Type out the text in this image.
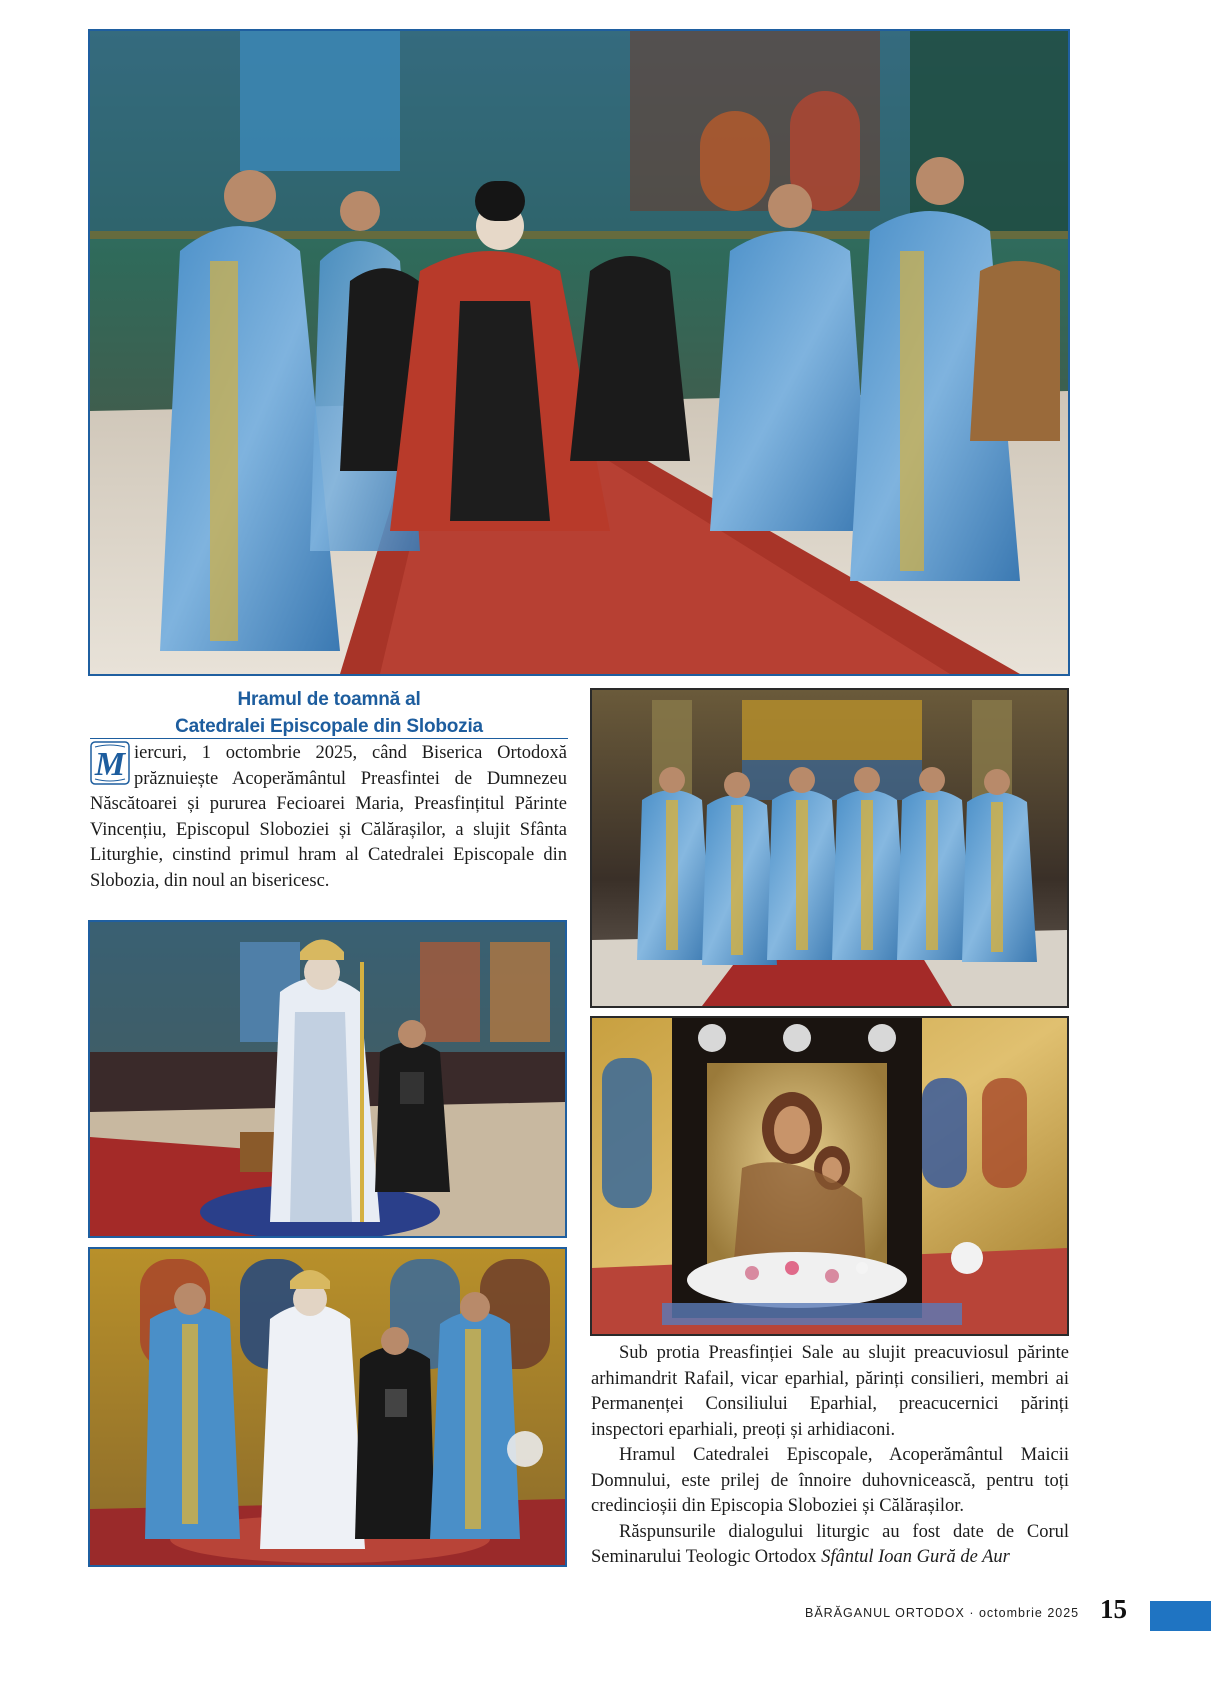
Hramul de toamnă al
Catedralei Episcopale din Slobozia
M iercuri, 1 octombrie 2025, când Biserica Ortodoxă prăznuiește Acoperământul Preasfintei de Dumnezeu Născătoarei și pururea Fecioarei Maria, Preasfințitul Părinte Vincențiu, Episcopul Sloboziei și Călărașilor, a slujit Sfânta Liturghie, cinstind primul hram al Catedralei Episcopale din Slobozia, din noul an bisericesc.

Sub protia Preasfinției Sale au slujit preacuviosul părinte arhimandrit Rafail, vicar eparhial, părinți consilieri, membri ai Permanenței Consiliului Eparhial, preacucernici părinți inspectori eparhiali, preoți și arhidiaconi.

Hramul Catedralei Episcopale, Acoperământul Maicii Domnului, este prilej de înnoire duhovnicească, pentru toți credincioșii din Episcopia Sloboziei și Călărașilor.

Răspunsurile dialogului liturgic au fost date de Corul Seminarului Teologic Ortodox Sfântul Ioan Gură de Aur

BĂRĂGANUL ORTODOX · octombrie 2025 15
